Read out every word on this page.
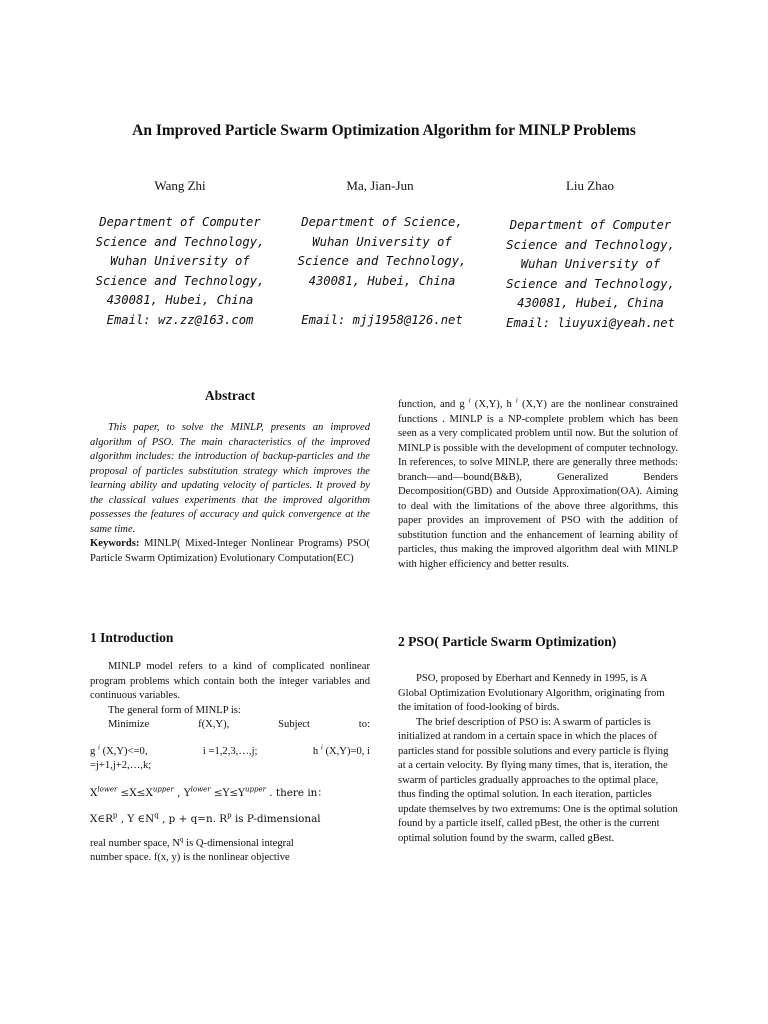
An Improved Particle Swarm Optimization Algorithm for MINLP Problems
Wang Zhi	Ma, Jian-Jun	Liu Zhao
Department of Computer
Science and Technology,
Wuhan University of
Science and Technology,
430081, Hubei, China
Email: wz.zz@163.com
Department of Science,
Wuhan University of
Science and Technology,
430081, Hubei, China
Email: mjj1958@126.net
Department of Computer
Science and Technology,
Wuhan University of
Science and Technology,
430081, Hubei, China
Email: liuyuxi@yeah.net
Abstract

This paper, to solve the MINLP, presents an improved algorithm of PSO. The main characteristics of the improved algorithm includes: the introduction of backup-particles and the proposal of particles substitution strategy which improves the learning ability and updating velocity of particles. It proved by the classical values experiments that the improved algorithm possesses the features of accuracy and quick convergence at the same time.

Keywords: MINLP( Mixed-Integer Nonlinear Programs) PSO( Particle Swarm Optimization) Evolutionary Computation(EC)

1 Introduction

MINLP model refers to a kind of complicated nonlinear program problems which contain both the integer variables and continuous variables.

The general form of MINLP is:

Minimize	f(X,Y),	Subject	to:
g $^i$ (X,Y)<=0,	i =1,2,3,…,j;	h $^i$ (X,Y)=0, i

=j+1,j+2,…,k;

$X^{lower} \le X\le X^{upper}$ , $Y^{lower} \le Y\le Y^{upper}$ . there in：

$X\in R^p$ , Y $\in N^q$ , p + q=n. $R^p$ is P-dimensional

real number space, $N^q$ is Q-dimensional integral

number space. f(x, y) is the nonlinear objective

function, and g $^i$ (X,Y), h $^i$ (X,Y) are the nonlinear constrained functions . MINLP is a NP-complete problem which has been seen as a very complicated problem until now. But the solution of MINLP is possible with the development of computer technology. In references, to solve MINLP, there are generally three methods: branch—and—bound(B&B), Generalized Benders Decomposition(GBD) and Outside Approximation(OA). Aiming to deal with the limitations of the above three algorithms, this paper provides an improvement of PSO with the addition of substitution function and the enhancement of learning ability of particles, thus making the improved algorithm deal with MINLP with higher efficiency and better results.

2 PSO( Particle Swarm Optimization)

PSO, proposed by Eberhart and Kennedy in 1995, is A Global Optimization Evolutionary Algorithm, originating from the imitation of food-looking of birds.

The brief description of PSO is: A swarm of particles is initialized at random in a certain space in which the places of particles stand for possible solutions and every particle is flying at a certain velocity. By flying many times, that is, iteration, the swarm of particles gradually approaches to the optimal place, thus finding the optimal solution. In each iteration, particles update themselves by two extremums: One is the optimal solution found by a particle itself, called pBest, the other is the current optimal solution found by the swarm, called gBest.
